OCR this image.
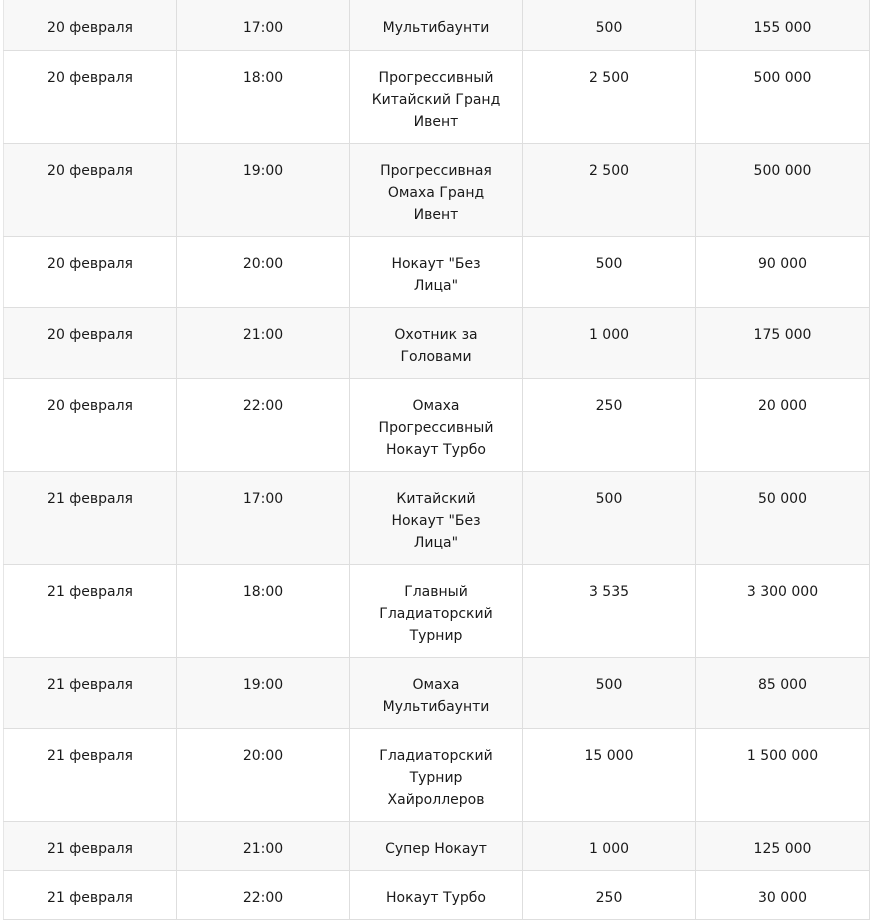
20 февраля	17:00	Мультибаунти	500	155 000
20 февраля	18:00	Прогрессивный Китайский Гранд Ивент	2 500	500 000
20 февраля	19:00	Прогрессивная Омаха Гранд Ивент	2 500	500 000
20 февраля	20:00	Нокаут "Без Лица"	500	90 000
20 февраля	21:00	Охотник за Головами	1 000	175 000
20 февраля	22:00	Омаха Прогрессивный Нокаут Турбо	250	20 000
21 февраля	17:00	Китайский Нокаут "Без Лица"	500	50 000
21 февраля	18:00	Главный Гладиаторский Турнир	3 535	3 300 000
21 февраля	19:00	Омаха Мультибаунти	500	85 000
21 февраля	20:00	Гладиаторский Турнир Хайроллеров	15 000	1 500 000
21 февраля	21:00	Супер Нокаут	1 000	125 000
21 февраля	22:00	Нокаут Турбо	250	30 000
